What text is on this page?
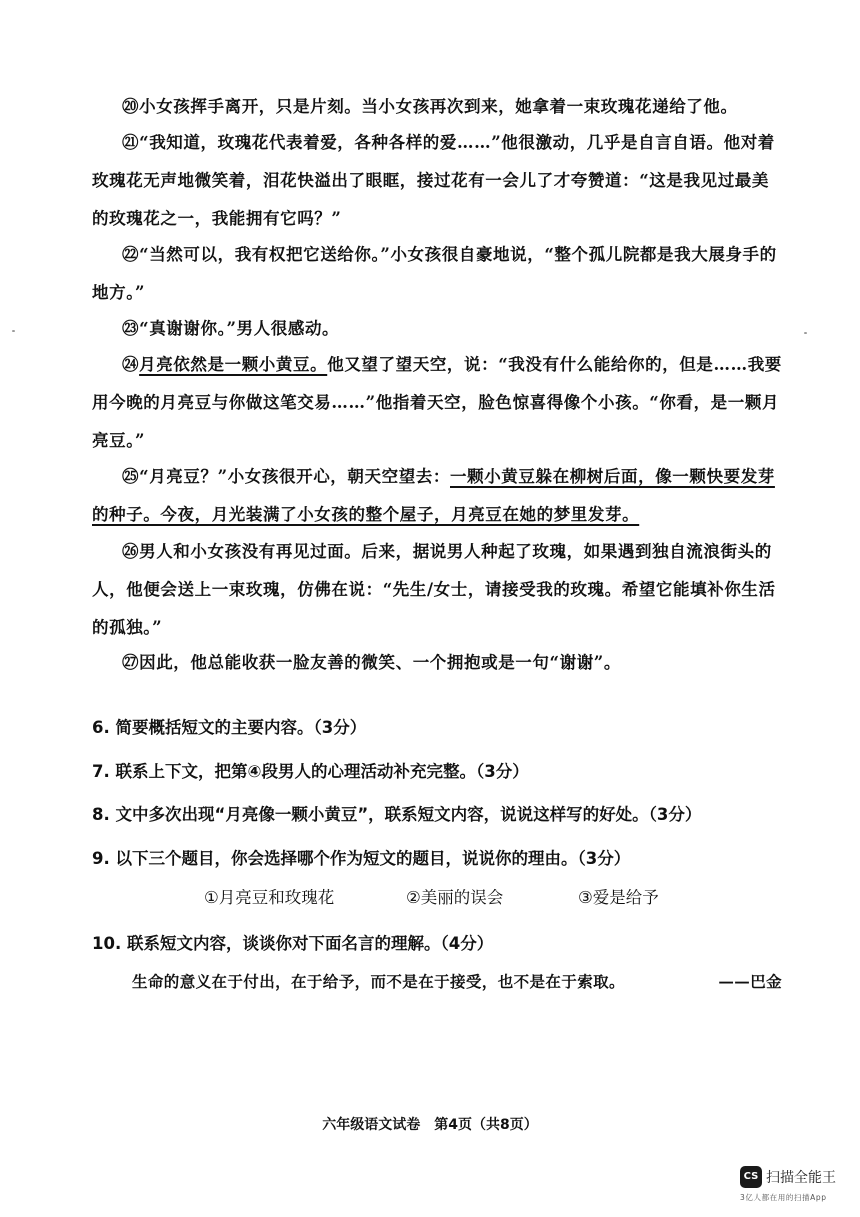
⑳小女孩挥手离开，只是片刻。当小女孩再次到来，她拿着一束玫瑰花递给了他。
㉑“我知道，玫瑰花代表着爱，各种各样的爱……”他很激动，几乎是自言自语。他对着玫瑰花无声地微笑着，泪花快溢出了眼眶，接过花有一会儿了才夸赞道：“这是我见过最美的玫瑰花之一，我能拥有它吗？”
㉒“当然可以，我有权把它送给你。”小女孩很自豪地说，“整个孤儿院都是我大展身手的地方。”
㉓“真谢谢你。”男人很感动。
㉔月亮依然是一颗小黄豆。他又望了望天空，说：“我没有什么能给你的，但是……我要用今晚的月亮豆与你做这笔交易……”他指着天空，脸色惊喜得像个小孩。“你看，是一颗月亮豆。”
㉕“月亮豆？”小女孩很开心，朝天空望去：一颗小黄豆躲在柳树后面，像一颗快要发芽的种子。今夜，月光装满了小女孩的整个屋子，月亮豆在她的梦里发芽。
㉖男人和小女孩没有再见过面。后来，据说男人种起了玫瑰，如果遇到独自流浪街头的人，他便会送上一束玫瑰，仿佛在说：“先生/女士，请接受我的玫瑰。希望它能填补你生活的孤独。”
㉗因此，他总能收获一脸友善的微笑、一个拥抱或是一句“谢谢”。
6. 简要概括短文的主要内容。（3分）
7. 联系上下文，把第④段男人的心理活动补充完整。（3分）
8. 文中多次出现“月亮像一颗小黄豆”，联系短文内容，说说这样写的好处。（3分）
9. 以下三个题目，你会选择哪个作为短文的题目，说说你的理由。（3分）
①月亮豆和玫瑰花	②美丽的误会	③爱是给予
10. 联系短文内容，谈谈你对下面名言的理解。（4分）
生命的意义在于付出，在于给予，而不是在于接受，也不是在于索取。	——巴金
六年级语文试卷　第4页（共8页）
CS 扫描全能王
3亿人都在用的扫描App
